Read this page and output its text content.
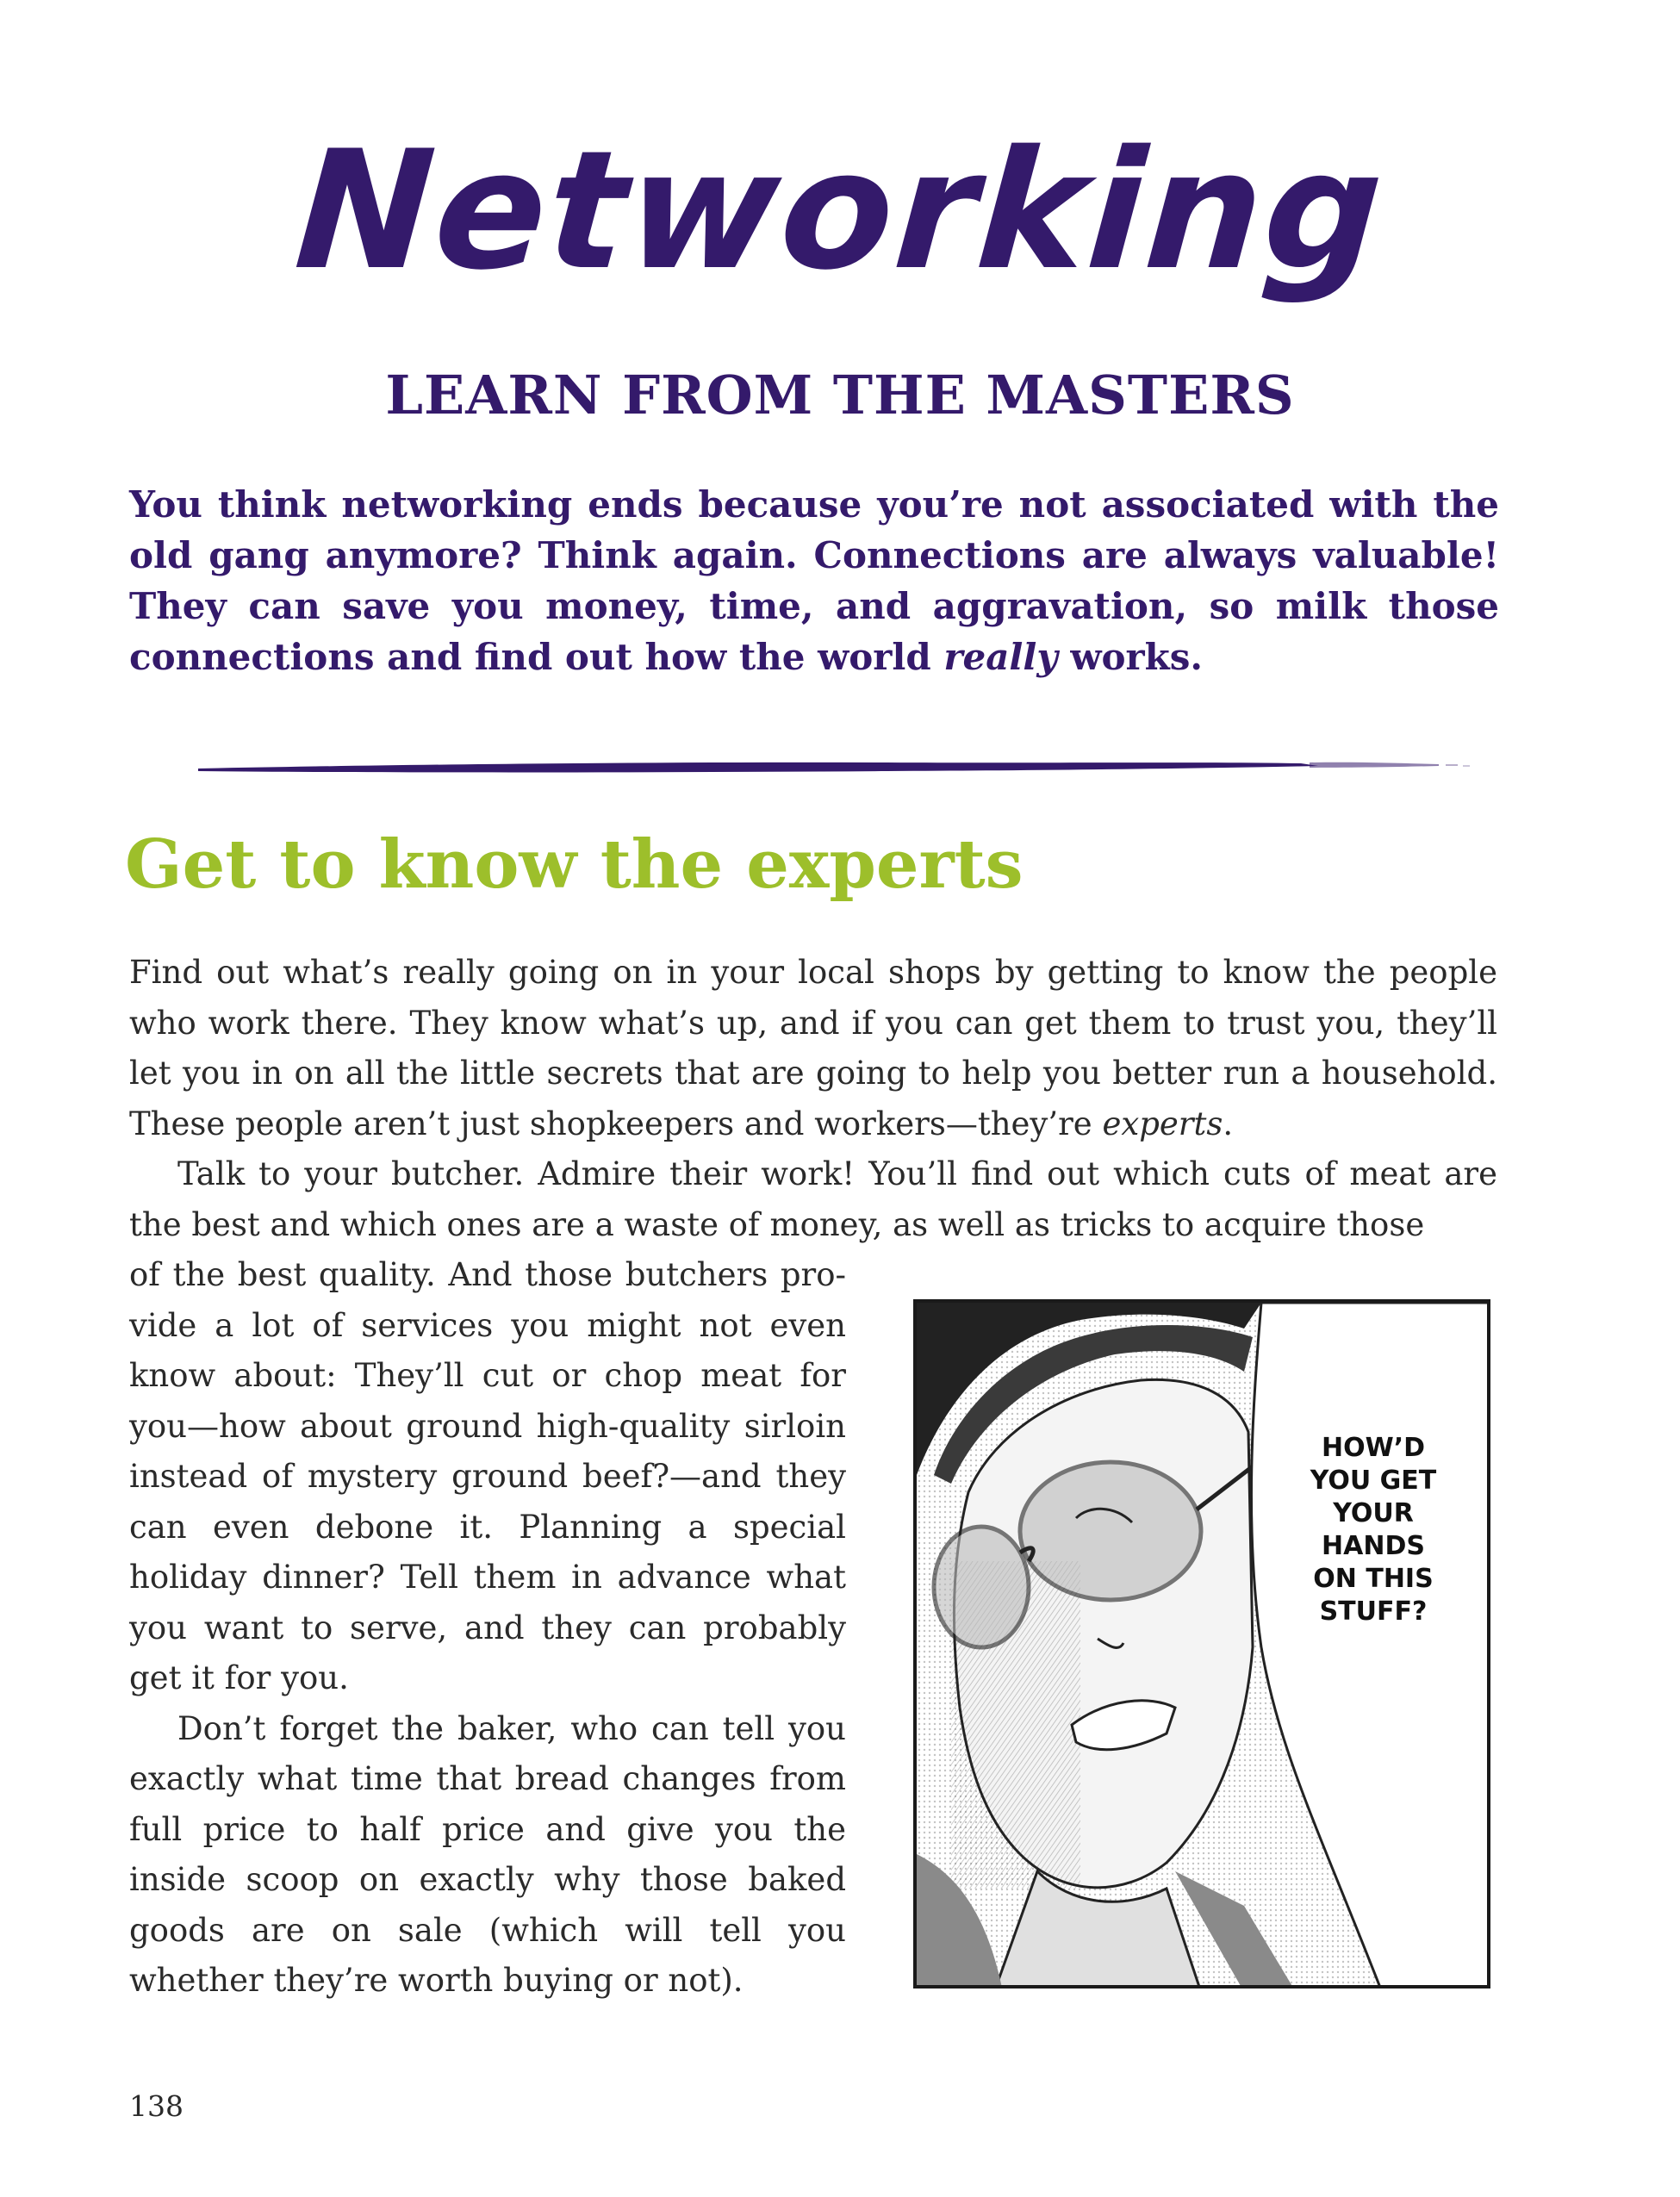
Networking
LEARN FROM THE MASTERS

You think networking ends because you’re not associated with the old gang anymore? Think again. Connections are always valuable! They can save you money, time, and aggravation, so milk those connections and find out how the world really works.

Get to know the experts

Find out what’s really going on in your local shops by getting to know the people who work there. They know what’s up, and if you can get them to trust you, they’ll let you in on all the little secrets that are going to help you better run a household. These people aren’t just shopkeepers and workers—they’re experts.

Talk to your butcher. Admire their work! You’ll find out which cuts of meat are the best and which ones are a waste of money, as well as tricks to acquire those

of the best quality. And those butchers provide a lot of services you might not even know about: They’ll cut or chop meat for you—how about ground high-quality sirloin instead of mystery ground beef?—and they can even debone it. Planning a special holiday dinner? Tell them in advance what you want to serve, and they can probably get it for you.

Don’t forget the baker, who can tell you exactly what time that bread changes from full price to half price and give you the inside scoop on exactly why those baked goods are on sale (which will tell you whether they’re worth buying or not).

HOW’D
YOU GET
YOUR
HANDS
ON THIS
STUFF?
138
